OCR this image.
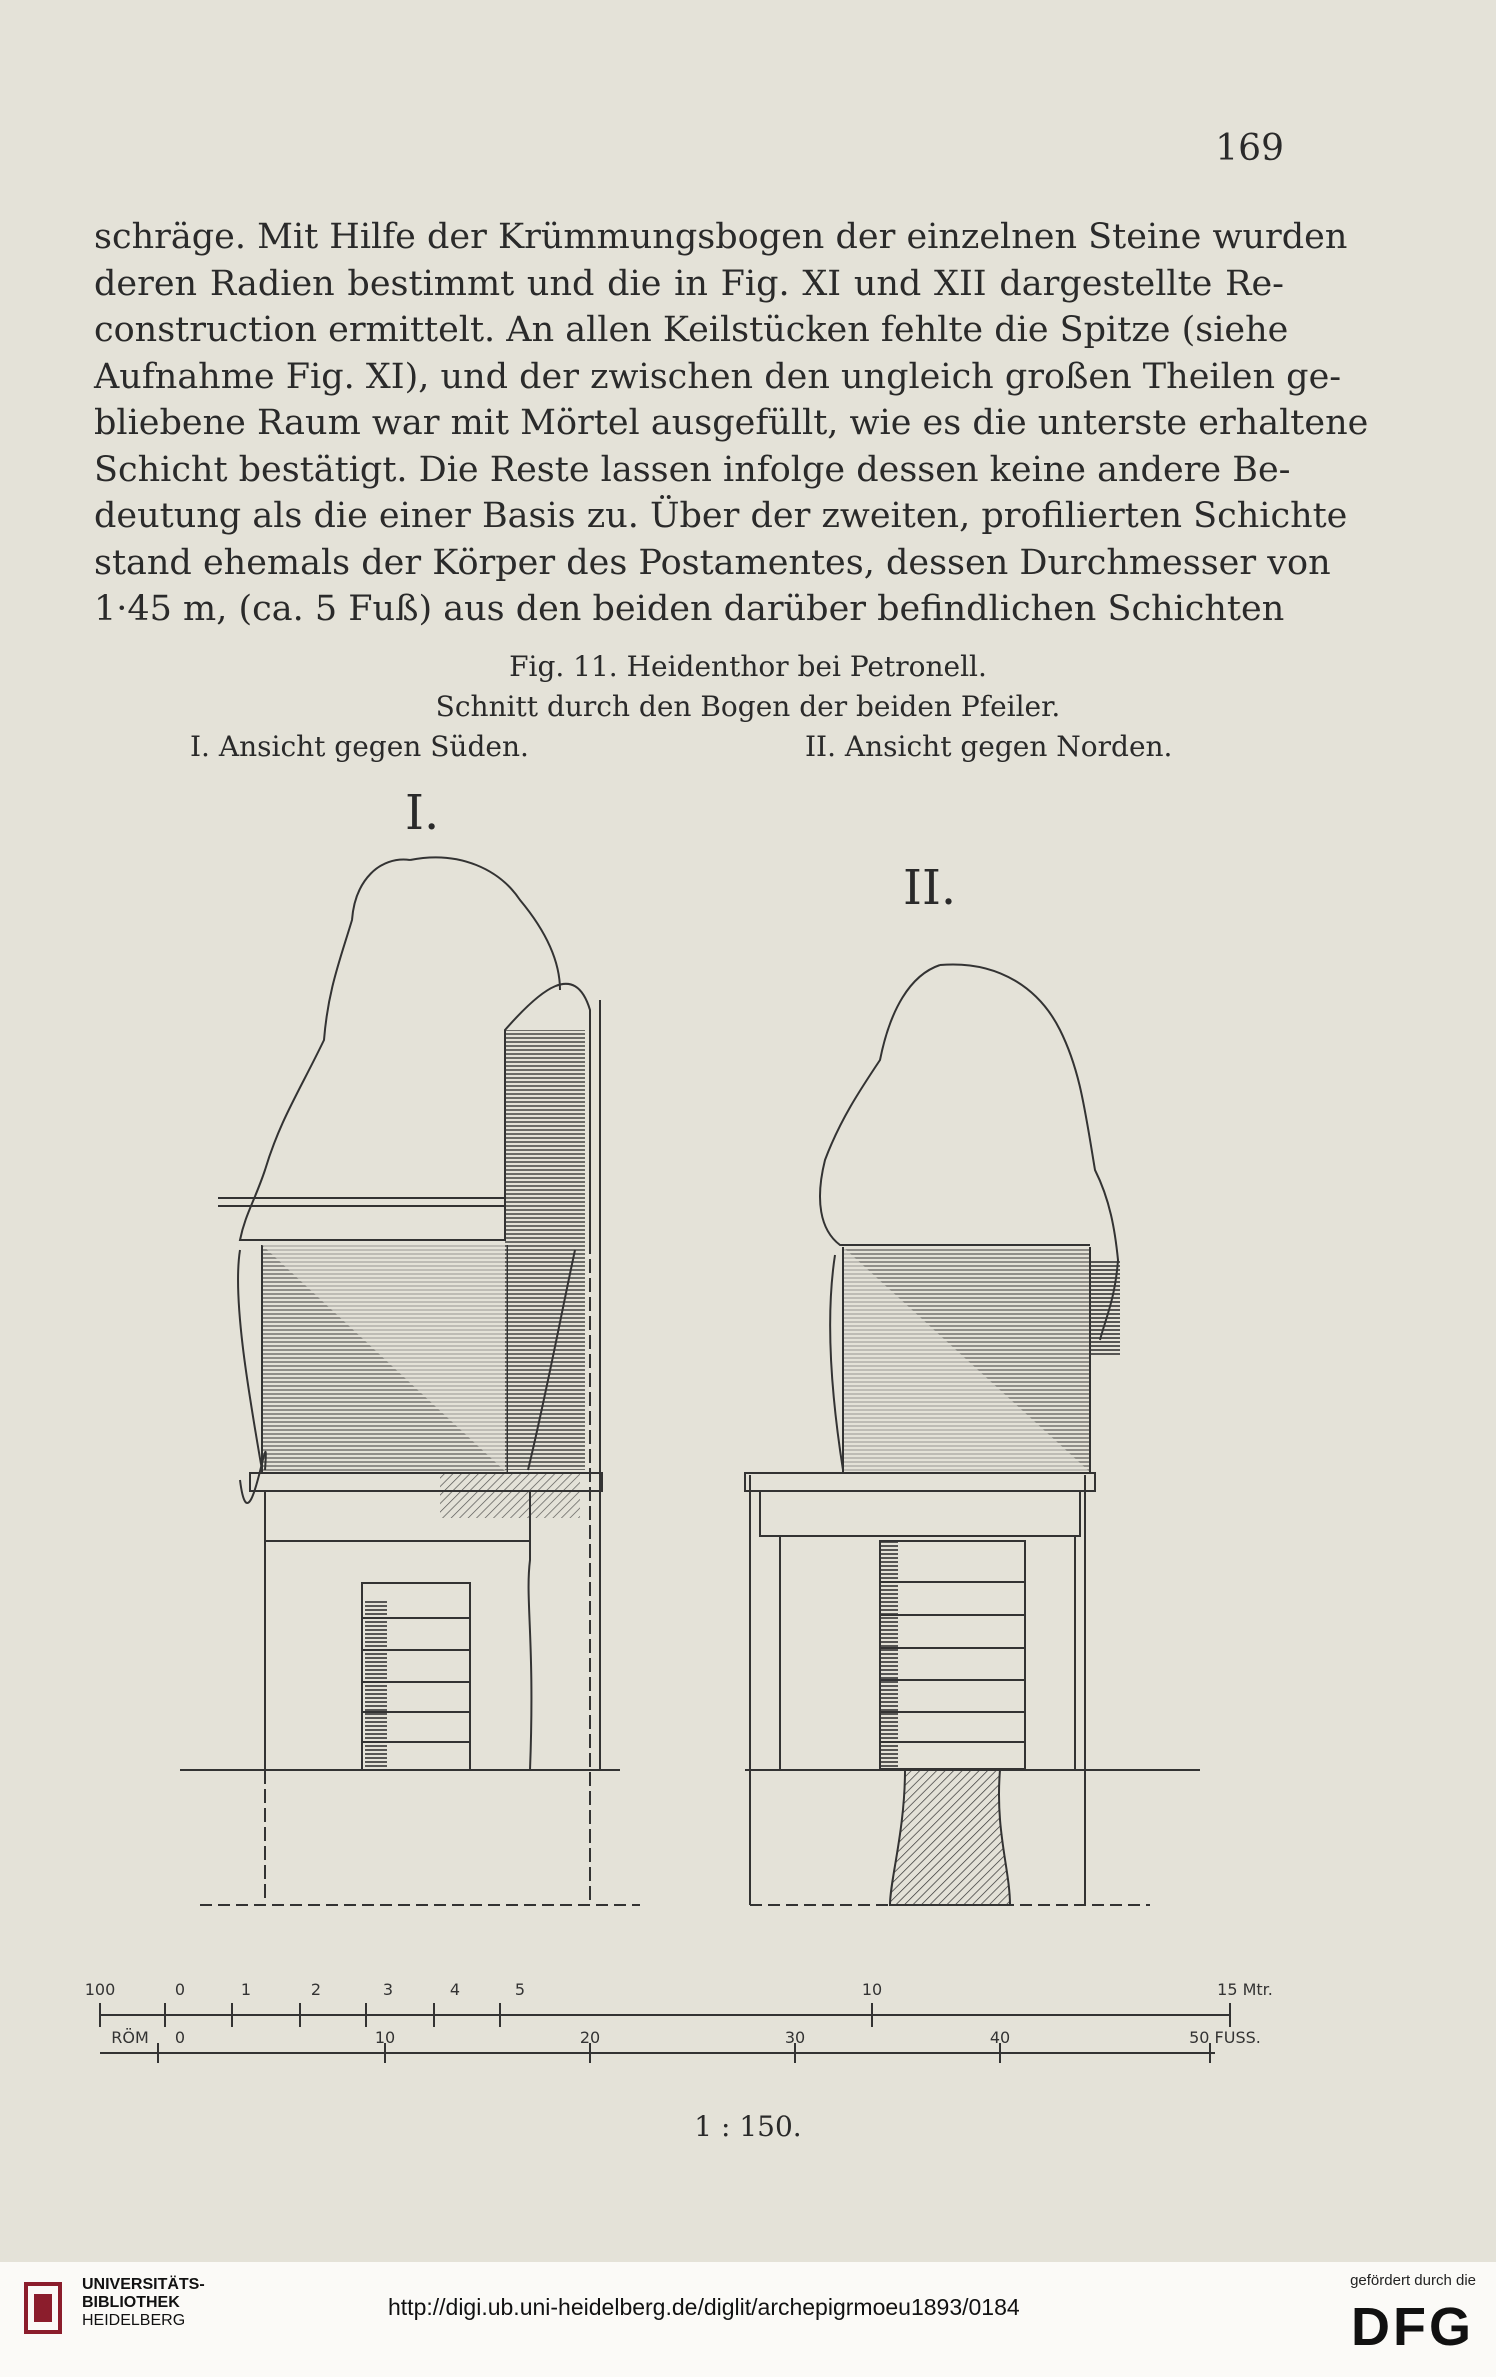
169
schräge. Mit Hilfe der Krümmungsbogen der einzelnen Steine wurden
deren Radien bestimmt und die in Fig. XI und XII dargestellte Re-
construction ermittelt. An allen Keilstücken fehlte die Spitze (siehe
Aufnahme Fig. XI), und der zwischen den ungleich großen Theilen ge-
bliebene Raum war mit Mörtel ausgefüllt, wie es die unterste erhaltene
Schicht bestätigt. Die Reste lassen infolge dessen keine andere Be-
deutung als die einer Basis zu. Über der zweiten, profilierten Schichte
stand ehemals der Körper des Postamentes, dessen Durchmesser von
1·45 m, (ca. 5 Fuß) aus den beiden darüber befindlichen Schichten
Fig. 11. Heidenthor bei Petronell.
Schnitt durch den Bogen der beiden Pfeiler.
I. Ansicht gegen Süden.	II. Ansicht gegen Norden.
I.
II.
100	0	1	2	3	4	5	10	15 Mtr.
RÖM 0	10	20	30	40	50 FUSS.
1 : 150.
UNIVERSITÄTS-
BIBLIOTHEK
HEIDELBERG
http://digi.ub.uni-heidelberg.de/diglit/archepigrmoeu1893/0184
gefördert durch die
DFG
